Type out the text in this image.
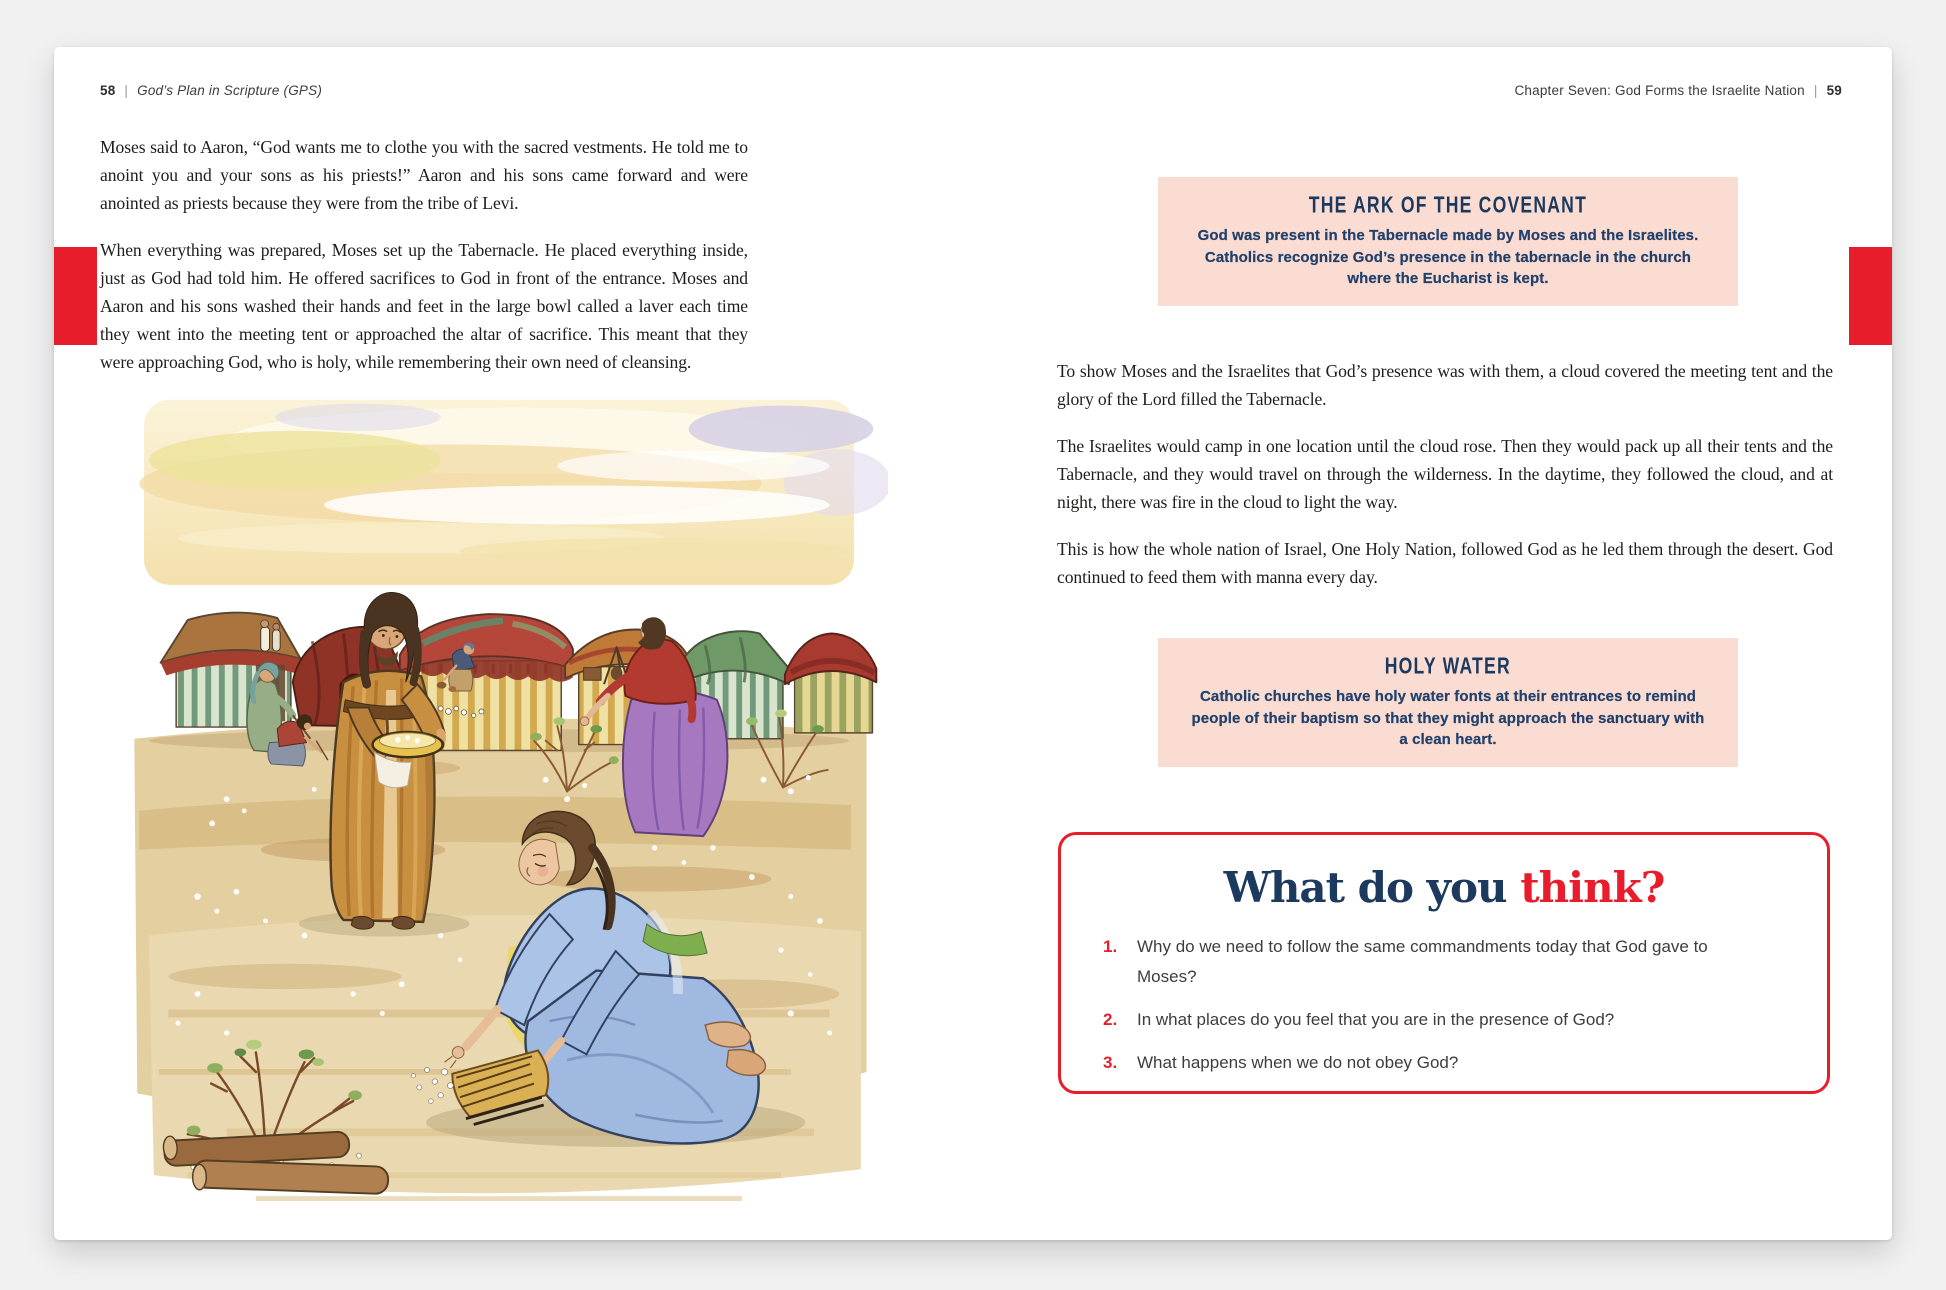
58 | God’s Plan in Scripture (GPS)	Chapter Seven: God Forms the Israelite Nation | 59

Moses said to Aaron, “God wants me to clothe you with the sacred vestments. He told me to anoint you and your sons as his priests!” Aaron and his sons came forward and were anointed as priests because they were from the tribe of Levi.

When everything was prepared, Moses set up the Tabernacle. He placed everything inside, just as God had told him. He offered sacrifices to God in front of the entrance. Moses and Aaron and his sons washed their hands and feet in the large bowl called a laver each time they went into the meeting tent or approached the altar of sacrifice. This meant that they were approaching God, who is holy, while remembering their own need of cleansing.

THE ARK OF THE COVENANT
God was present in the Tabernacle made by Moses and the Israelites. Catholics recognize God’s presence in the tabernacle in the church where the Eucharist is kept.

To show Moses and the Israelites that God’s presence was with them, a cloud covered the meeting tent and the glory of the Lord filled the Tabernacle.

The Israelites would camp in one location until the cloud rose. Then they would pack up all their tents and the Tabernacle, and they would travel on through the wilderness. In the daytime, they followed the cloud, and at night, there was fire in the cloud to light the way.

This is how the whole nation of Israel, One Holy Nation, followed God as he led them through the desert. God continued to feed them with manna every day.

HOLY WATER
Catholic churches have holy water fonts at their entrances to remind people of their baptism so that they might approach the sanctuary with a clean heart.
What do you think?
1.	Why do we need to follow the same commandments today that God gave to Moses?
2.	In what places do you feel that you are in the presence of God?
3.	What happens when we do not obey God?
